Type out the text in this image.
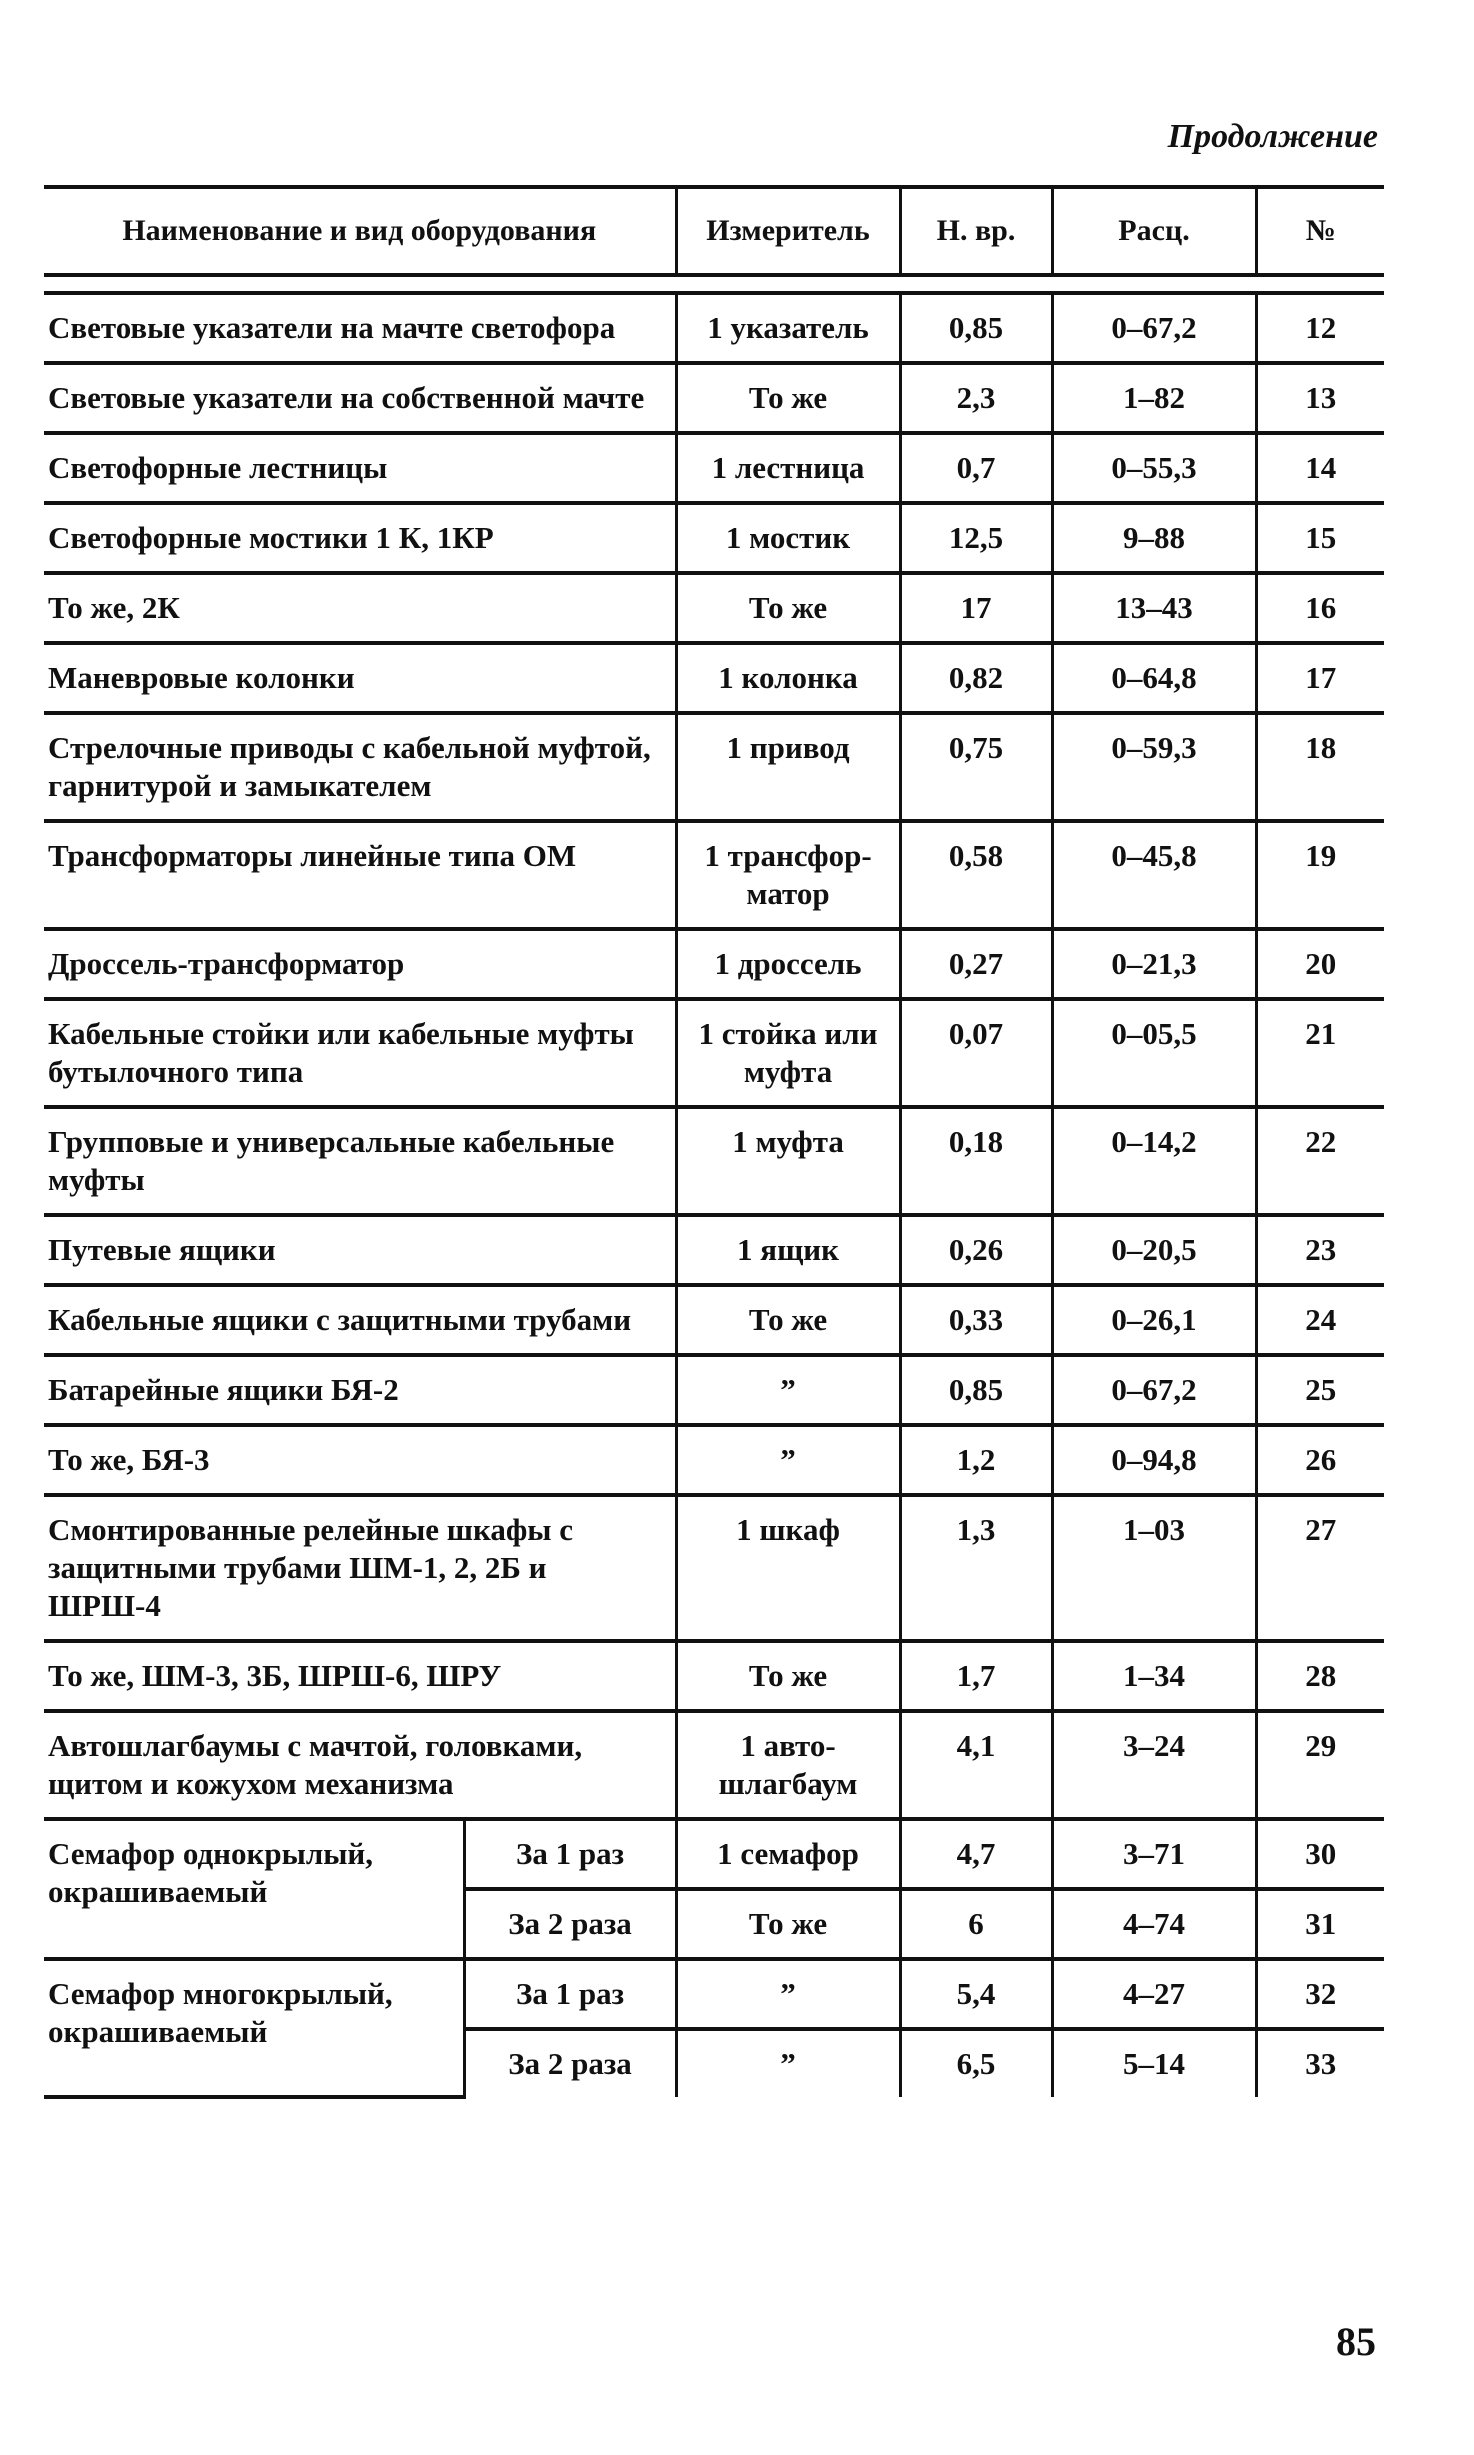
Продолжение
Наименование и вид оборудования		Измеритель	Н. вр.	Расц.	№

Световые указатели на мачте светофора		1 указатель	0,85	0–67,2	12
Световые указатели на собственной мачте		То же	2,3	1–82	13
Светофорные лестницы		1 лестница	0,7	0–55,3	14
Светофорные мостики 1 К, 1КР		1 мостик	12,5	9–88	15
То же, 2К		То же	17	13–43	16
Маневровые колонки		1 колонка	0,82	0–64,8	17
Стрелочные приводы с кабельной муфтой, гарнитурой и замыкателем		1 привод	0,75	0–59,3	18
Трансформаторы линейные типа ОМ		1 трансформатор	0,58	0–45,8	19
Дроссель-трансформатор		1 дроссель	0,27	0–21,3	20
Кабельные стойки или кабельные муфты бутылочного типа		1 стойка или муфта	0,07	0–05,5	21
Групповые и универсальные кабельные муфты		1 муфта	0,18	0–14,2	22
Путевые ящики		1 ящик	0,26	0–20,5	23
Кабельные ящики с защитными трубами		То же	0,33	0–26,1	24
Батарейные ящики БЯ-2		”	0,85	0–67,2	25
То же, БЯ-3		”	1,2	0–94,8	26
Смонтированные релейные шкафы с защитными трубами ШМ-1, 2, 2Б и ШРШ-4		1 шкаф	1,3	1–03	27
То же, ШМ-3, 3Б, ШРШ-6, ШРУ		То же	1,7	1–34	28
Автошлагбаумы с мачтой, головками, щитом и кожухом механизма		1 автошлагбаум	4,1	3–24	29
Семафор однокрылый, окрашиваемый	За 1 раз	1 семафор	4,7	3–71	30
	За 2 раза	То же	6	4–74	31
Семафор многокрылый, окрашиваемый	За 1 раз	”	5,4	4–27	32
	За 2 раза	”	6,5	5–14	33
85
